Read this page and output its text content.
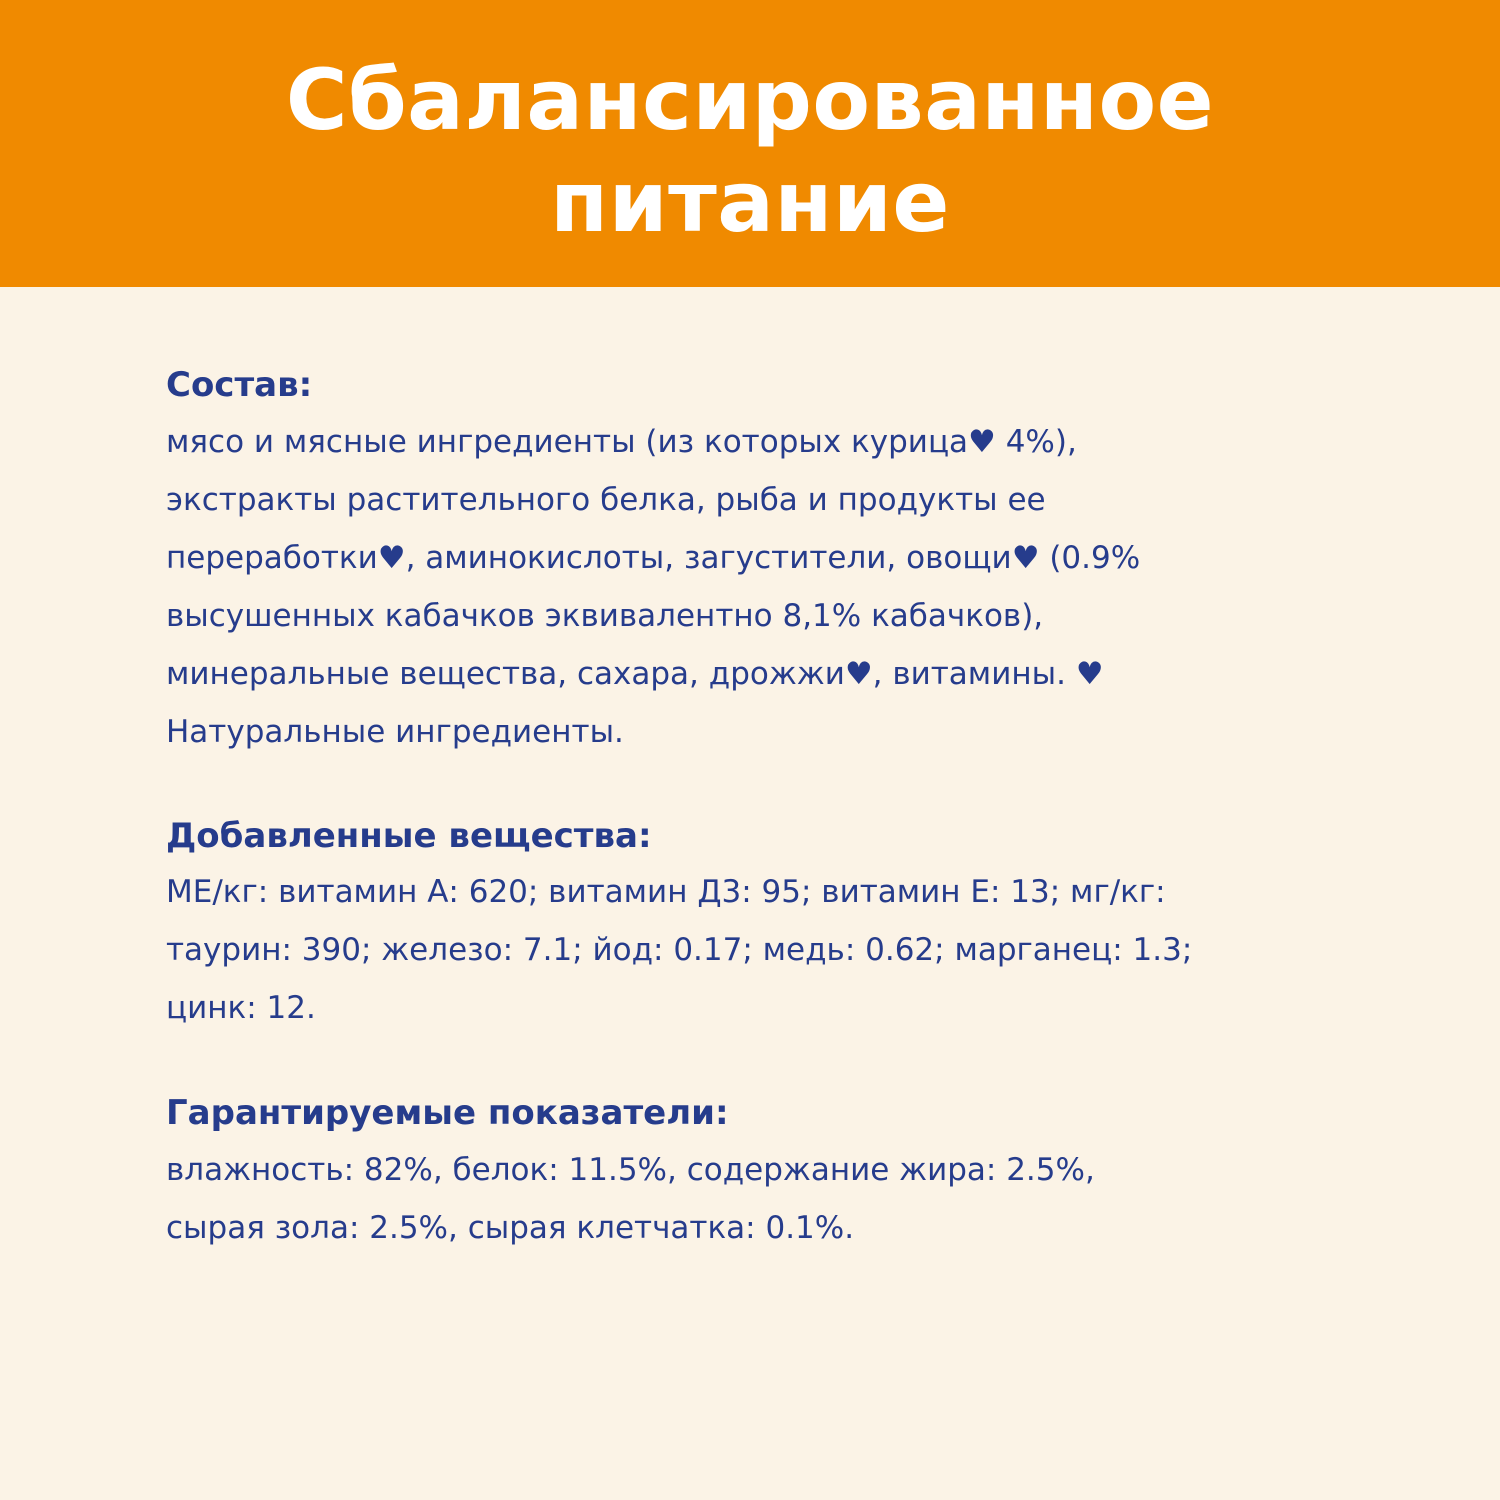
Сбалансированное
питание
Состав:
мясо и мясные ингредиенты (из которых курица♥ 4%),
экстракты растительного белка, рыба и продукты ее
переработки♥, аминокислоты, загустители, овощи♥ (0.9%
высушенных кабачков эквивалентно 8,1% кабачков),
минеральные вещества, сахара, дрожжи♥, витамины. ♥
Натуральные ингредиенты.
Добавленные вещества:
МЕ/кг: витамин А: 620; витамин Д3: 95; витамин Е: 13; мг/кг:
таурин: 390; железо: 7.1; йод: 0.17; медь: 0.62; марганец: 1.3;
цинк: 12.
Гарантируемые показатели:
влажность: 82%, белок: 11.5%, содержание жира: 2.5%,
сырая зола: 2.5%, сырая клетчатка: 0.1%.
